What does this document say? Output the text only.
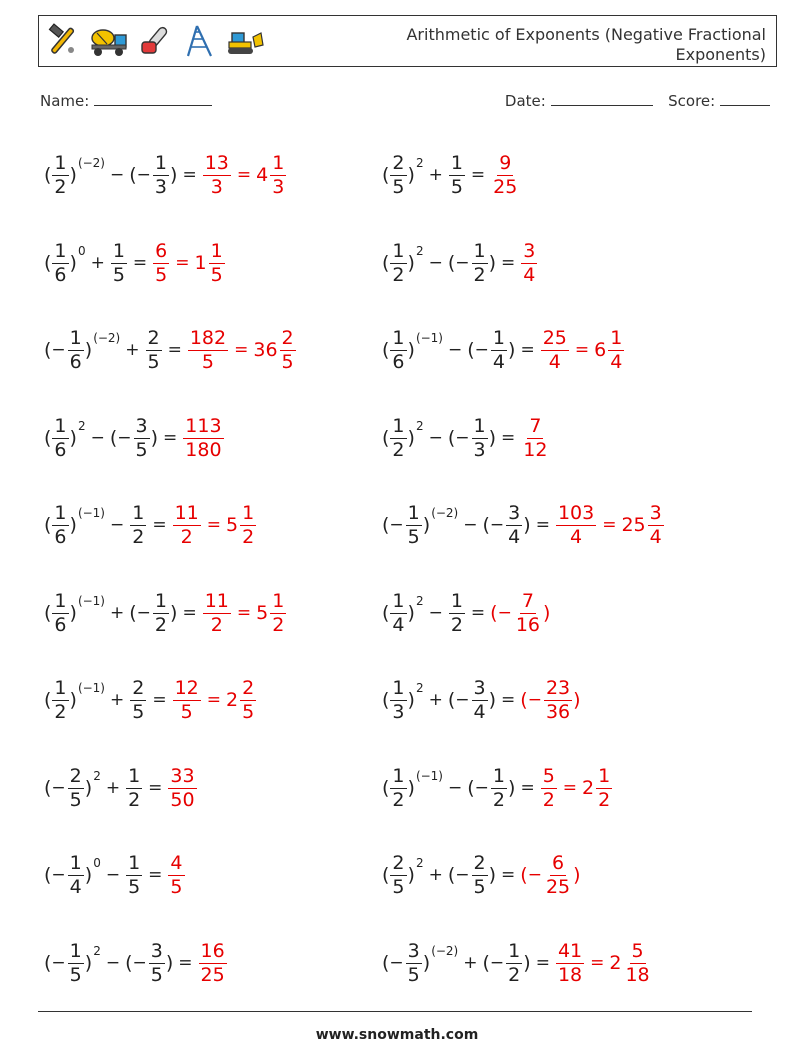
Arithmetic of Exponents (Negative Fractional
Exponents)
Name:	Date:	Score:
( $\frac{1}{2}$ )
(−2)
− ( − $\frac{1}{3}$ ) = $\frac{13}{3} = 4 \frac{1}{3}$	( $\frac{2}{5}$ )
2
+ $\frac{1}{5} = \frac{9}{25}$
( $\frac{1}{6}$ )
0
+ $\frac{1}{5} = \frac{6}{5} = 1 \frac{1}{5}$	( $\frac{1}{2}$ )
2
− ( − $\frac{1}{2}$ ) = $\frac{3}{4}$
( − $\frac{1}{6}$ )
(−2)
+ $\frac{2}{5} = \frac{182}{5} = 36 \frac{2}{5}$	( $\frac{1}{6}$ )
(−1)
− ( − $\frac{1}{4}$ ) = $\frac{25}{4} = 6 \frac{1}{4}$
( $\frac{1}{6}$ )
2
− ( − $\frac{3}{5}$ ) = $\frac{113}{180}$	( $\frac{1}{2}$ )
2
− ( − $\frac{1}{3}$ ) = $\frac{7}{12}$
( $\frac{1}{6}$ )
(−1)
− $\frac{1}{2} = \frac{11}{2} = 5 \frac{1}{2}$	( − $\frac{1}{5}$ )
(−2)
− ( − $\frac{3}{4}$ ) = $\frac{103}{4} = 25 \frac{3}{4}$
( $\frac{1}{6}$ )
(−1)
+ ( − $\frac{1}{2}$ ) = $\frac{11}{2} = 5 \frac{1}{2}$	( $\frac{1}{4}$ )
2
− $\frac{1}{2}$ = ( − $\frac{7}{16}$ )
( $\frac{1}{2}$ )
(−1)
+ $\frac{2}{5} = \frac{12}{5} = 2 \frac{2}{5}$	( $\frac{1}{3}$ )
2
+ ( − $\frac{3}{4}$ ) = ( − $\frac{23}{36}$ )
( − $\frac{2}{5}$ )
2
+ $\frac{1}{2} = \frac{33}{50}$	( $\frac{1}{2}$ )
(−1)
− ( − $\frac{1}{2}$ ) = $\frac{5}{2} = 2 \frac{1}{2}$
( − $\frac{1}{4}$ )
0
− $\frac{1}{5} = \frac{4}{5}$	( $\frac{2}{5}$ )
2
+ ( − $\frac{2}{5}$ ) = ( − $\frac{6}{25}$ )
( − $\frac{1}{5}$ )
2
− ( − $\frac{3}{5}$ ) = $\frac{16}{25}$	( − $\frac{3}{5}$ )
(−2)
+ ( − $\frac{1}{2}$ ) = $\frac{41}{18} = 2 \frac{5}{18}$
www.snowmath.com
